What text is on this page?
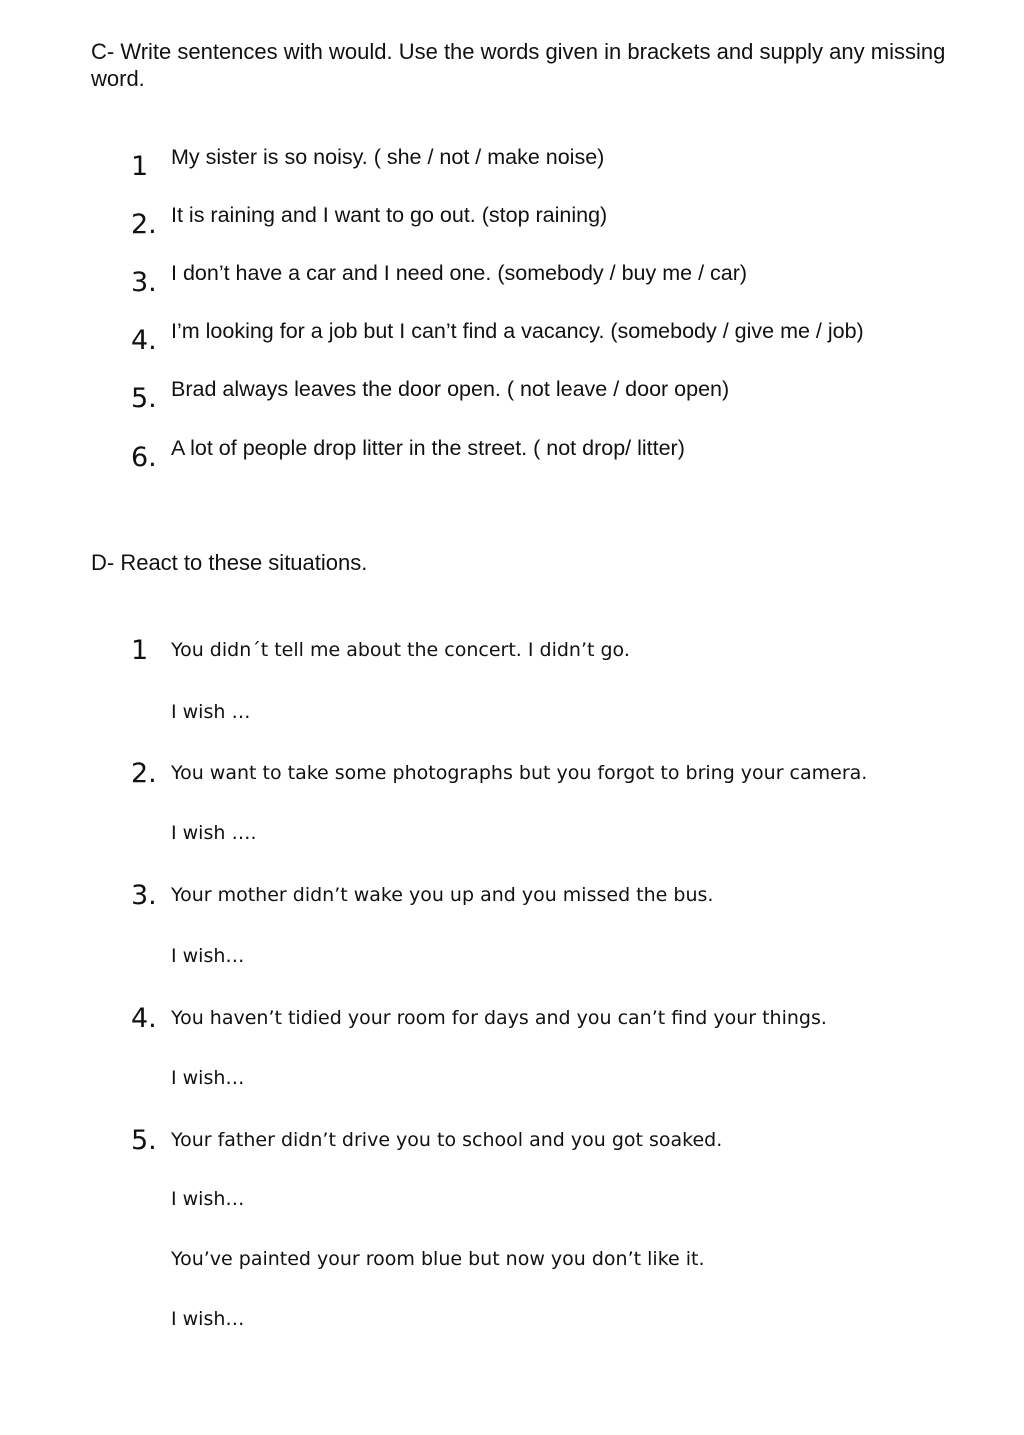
C- Write sentences with would. Use the words given in brackets and supply any missing
word.
1 My sister is so noisy. ( she / not / make noise)
2. It is raining and I want to go out. (stop raining)
3. I don’t have a car and I need one. (somebody / buy me / car)
4. I’m looking for a job but I can’t find a vacancy. (somebody / give me / job)
5. Brad always leaves the door open. ( not leave / door open)
6. A lot of people drop litter in the street. ( not drop/ litter)
D- React to these situations.
1 You didn´t tell me about the concert. I didn’t go.
I wish …
2. You want to take some photographs but you forgot to bring your camera.
I wish ….
3. Your mother didn’t wake you up and you missed the bus.
I wish…
4. You haven’t tidied your room for days and you can’t find your things.
I wish…
5. Your father didn’t drive you to school and you got soaked.
I wish…
You’ve painted your room blue but now you don’t like it.
I wish…
